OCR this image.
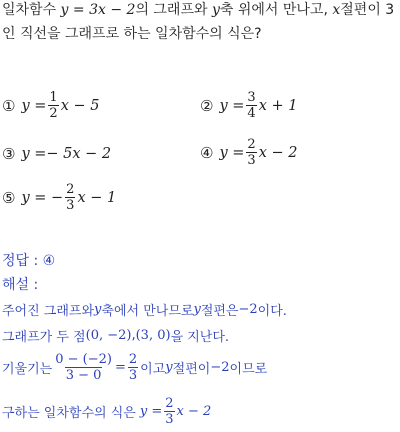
일차함수 y = 3x − 2의 그래프와 y축 위에서 만나고, x절편이 3
인 직선을 그래프로 하는 일차함수의 식은?
① $y = \frac{1}{2}$ x − 5	② $y = \frac{3}{4}$ x + 1
③ y = − 5x − 2	④ $y = \frac{2}{3}$ x − 2
⑤ y = − $\frac{2}{3}$ x − 1
정답 : ④
해설 :
주어진 그래프와 y 축에서 만나므로 y 절편은 −2 이다.
그래프가 두 점 (0, −2) , (3, 0) 을 지난다.
기울기는 $\frac{0 - (-2)}{3 - 0} = \frac{2}{3}$ 이고 y 절편이 −2 이므로
구하는 일차함수의 식은 $y = \frac{2}{3}$ x − 2
